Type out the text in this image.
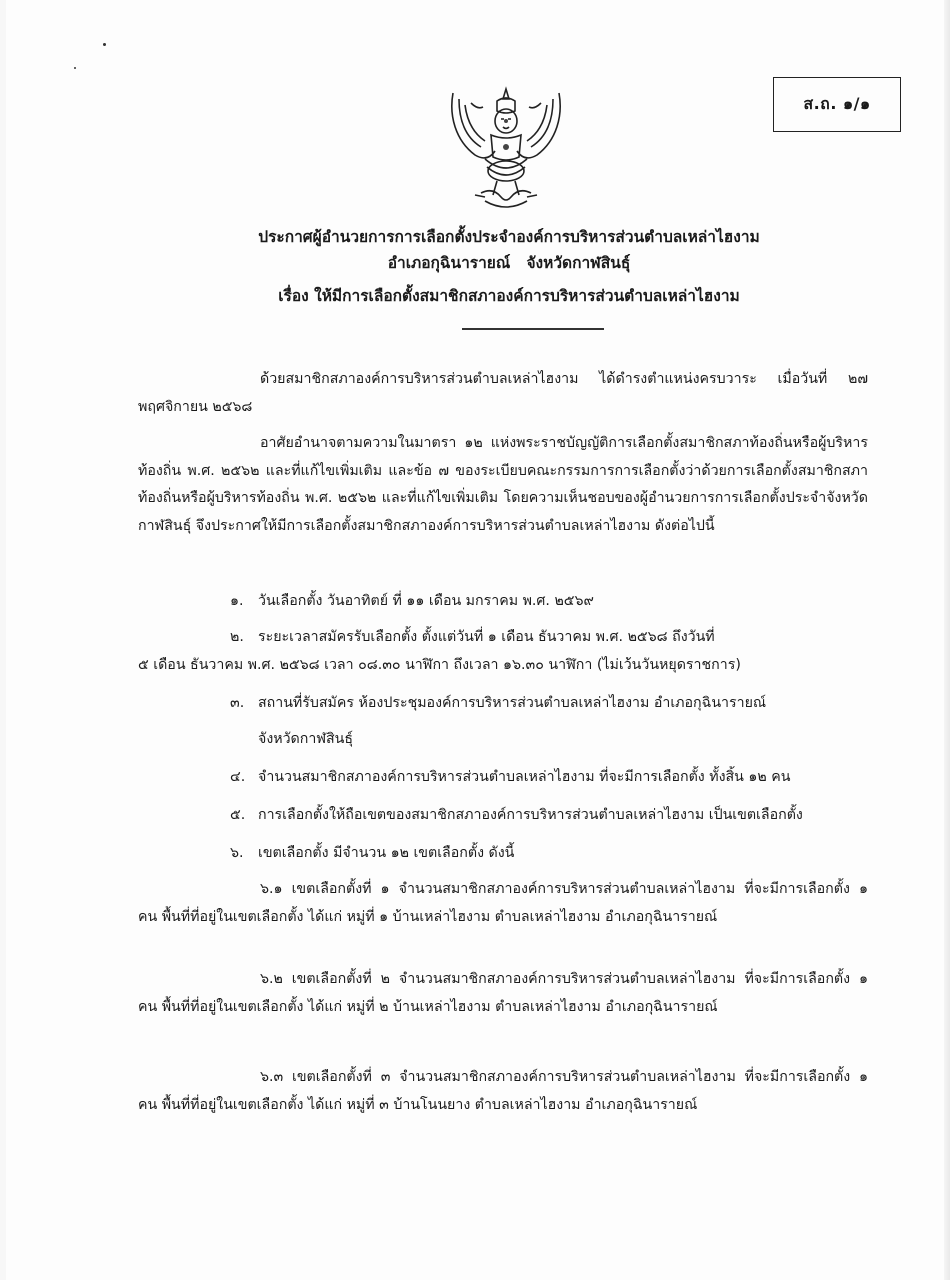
ส.ถ. ๑/๑
ประกาศผู้อำนวยการการเลือกตั้งประจำองค์การบริหารส่วนตำบลเหล่าไฮงาม
อำเภอกุฉินารายณ์   จังหวัดกาฬสินธุ์
เรื่อง ให้มีการเลือกตั้งสมาชิกสภาองค์การบริหารส่วนตำบลเหล่าไฮงาม
ด้วยสมาชิกสภาองค์การบริหารส่วนตำบลเหล่าไฮงาม ได้ดำรงตำแหน่งครบวาระ เมื่อวันที่ ๒๗ พฤศจิกายน ๒๕๖๘
อาศัยอำนาจตามความในมาตรา ๑๒ แห่งพระราชบัญญัติการเลือกตั้งสมาชิกสภาท้องถิ่นหรือผู้บริหารท้องถิ่น พ.ศ. ๒๕๖๒ และที่แก้ไขเพิ่มเติม และข้อ ๗ ของระเบียบคณะกรรมการการเลือกตั้งว่าด้วยการเลือกตั้งสมาชิกสภาท้องถิ่นหรือผู้บริหารท้องถิ่น พ.ศ. ๒๕๖๒ และที่แก้ไขเพิ่มเติม โดยความเห็นชอบของผู้อำนวยการการเลือกตั้งประจำจังหวัดกาฬสินธุ์ จึงประกาศให้มีการเลือกตั้งสมาชิกสภาองค์การบริหารส่วนตำบลเหล่าไฮงาม ดังต่อไปนี้
๑. วันเลือกตั้ง วันอาทิตย์ ที่ ๑๑ เดือน มกราคม พ.ศ. ๒๕๖๙
๒. ระยะเวลาสมัครรับเลือกตั้ง ตั้งแต่วันที่ ๑ เดือน ธันวาคม พ.ศ. ๒๕๖๘ ถึงวันที่
๕ เดือน ธันวาคม พ.ศ. ๒๕๖๘ เวลา ๐๘.๓๐ นาฬิกา ถึงเวลา ๑๖.๓๐ นาฬิกา (ไม่เว้นวันหยุดราชการ)
๓. สถานที่รับสมัคร ห้องประชุมองค์การบริหารส่วนตำบลเหล่าไฮงาม อำเภอกุฉินารายณ์
จังหวัดกาฬสินธุ์
๔. จำนวนสมาชิกสภาองค์การบริหารส่วนตำบลเหล่าไฮงาม ที่จะมีการเลือกตั้ง ทั้งสิ้น ๑๒ คน
๕. การเลือกตั้งให้ถือเขตของสมาชิกสภาองค์การบริหารส่วนตำบลเหล่าไฮงาม เป็นเขตเลือกตั้ง
๖. เขตเลือกตั้ง มีจำนวน ๑๒ เขตเลือกตั้ง ดังนี้
๖.๑ เขตเลือกตั้งที่ ๑ จำนวนสมาชิกสภาองค์การบริหารส่วนตำบลเหล่าไฮงาม ที่จะมีการเลือกตั้ง ๑ คน พื้นที่ที่อยู่ในเขตเลือกตั้ง ได้แก่ หมู่ที่ ๑ บ้านเหล่าไฮงาม ตำบลเหล่าไฮงาม อำเภอกุฉินารายณ์
๖.๒ เขตเลือกตั้งที่ ๒ จำนวนสมาชิกสภาองค์การบริหารส่วนตำบลเหล่าไฮงาม ที่จะมีการเลือกตั้ง ๑ คน พื้นที่ที่อยู่ในเขตเลือกตั้ง ได้แก่ หมู่ที่ ๒ บ้านเหล่าไฮงาม ตำบลเหล่าไฮงาม อำเภอกุฉินารายณ์
๖.๓ เขตเลือกตั้งที่ ๓ จำนวนสมาชิกสภาองค์การบริหารส่วนตำบลเหล่าไฮงาม ที่จะมีการเลือกตั้ง ๑ คน พื้นที่ที่อยู่ในเขตเลือกตั้ง ได้แก่ หมู่ที่ ๓ บ้านโนนยาง ตำบลเหล่าไฮงาม อำเภอกุฉินารายณ์
